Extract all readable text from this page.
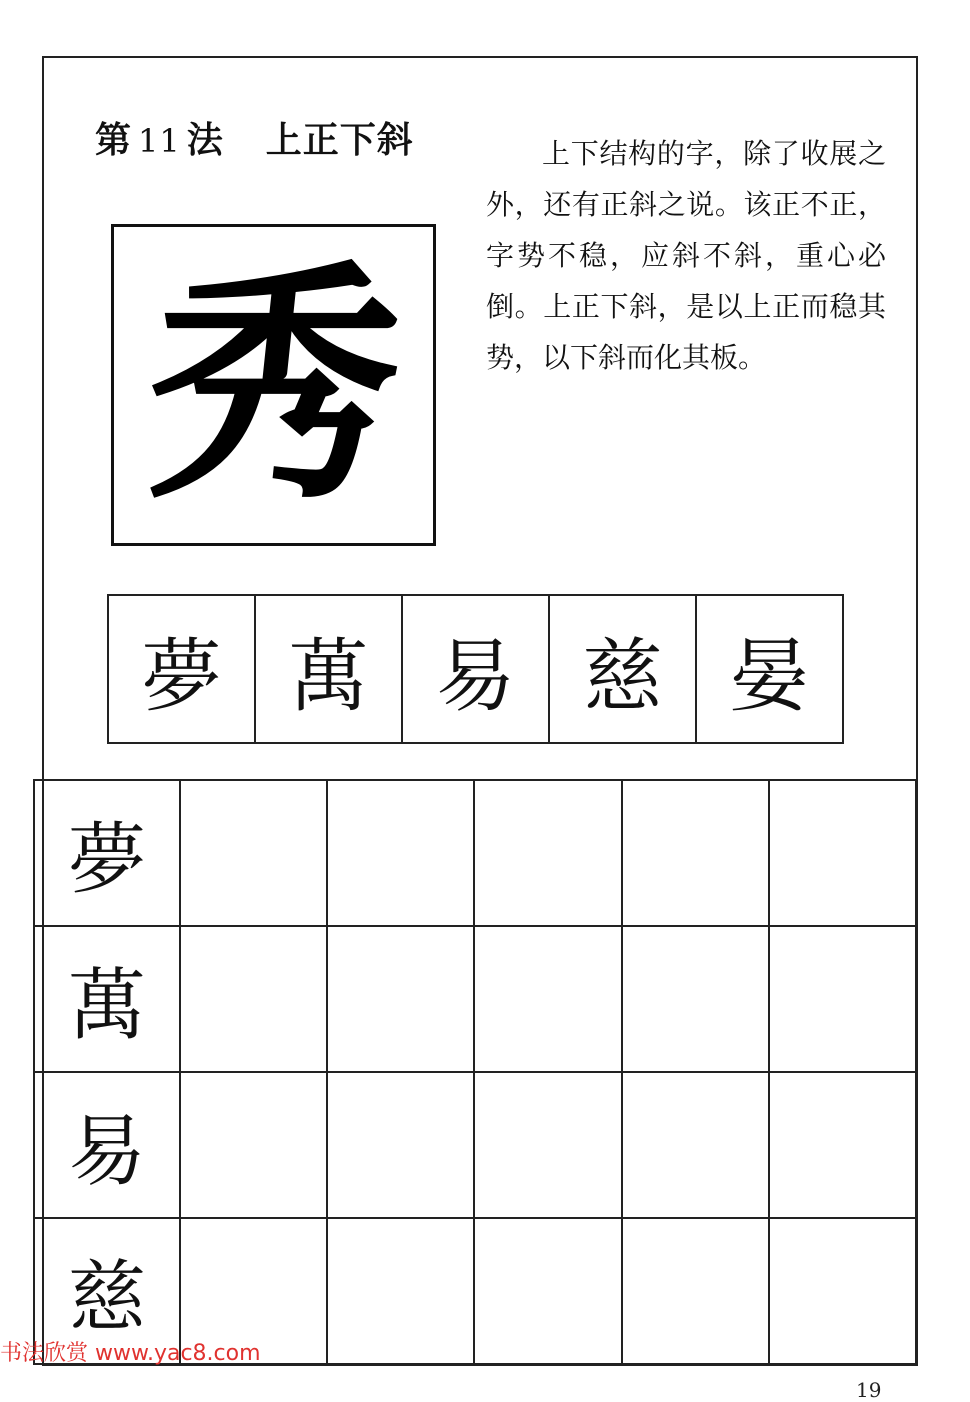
第 11 法 上正下斜	上下结构的字，除了收展之外，还有正斜之说。该正不正，字势不稳，应斜不斜，重心必倒。上正下斜，是以上正而稳其势，以下斜而化其板。

秀
夢 萬 易 慈 晏
夢
萬
易
慈

书法欣赏 www.yac8.com

19
